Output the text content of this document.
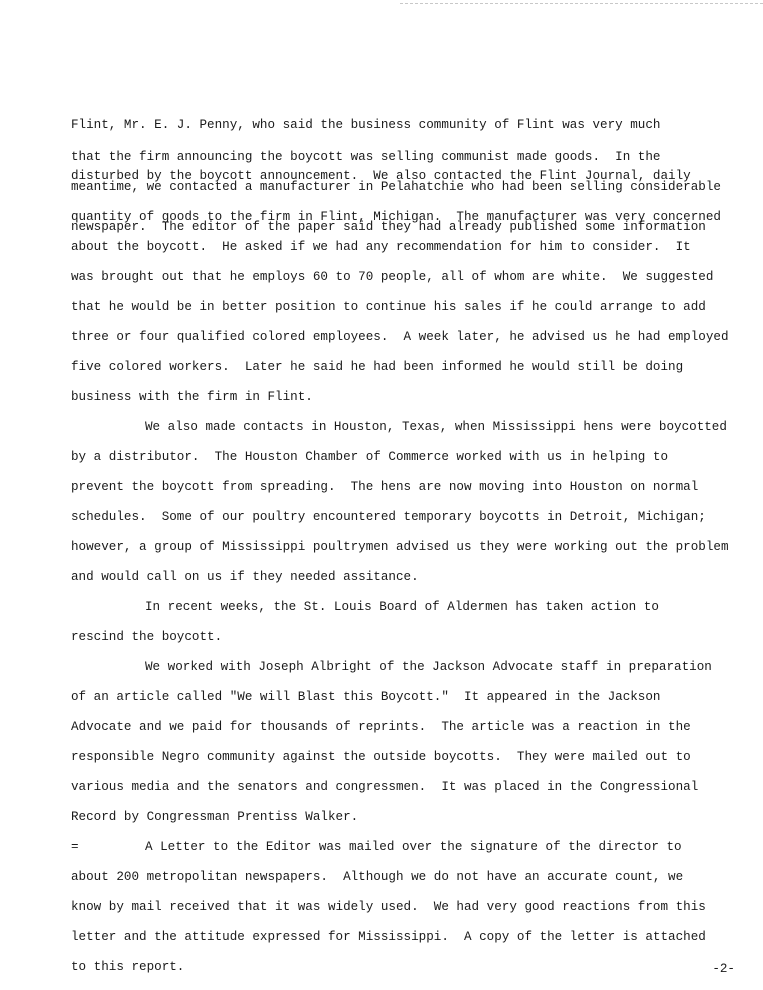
Flint, Mr. E. J. Penny, who said the business community of Flint was very much

disturbed by the boycott announcement.  We also contacted the Flint Journal, daily

newspaper.  The editor of the paper said they had already published some information

that the firm announcing the boycott was selling communist made goods.  In the
meantime, we contacted a manufacturer in Pelahatchie who had been selling considerable
quantity of goods to the firm in Flint, Michigan.  The manufacturer was very concerned
about the boycott.  He asked if we had any recommendation for him to consider.  It
was brought out that he employs 60 to 70 people, all of whom are white.  We suggested
that he would be in better position to continue his sales if he could arrange to add
three or four qualified colored employees.  A week later, he advised us he had employed
five colored workers.  Later he said he had been informed he would still be doing
business with the firm in Flint.
We also made contacts in Houston, Texas, when Mississippi hens were boycotted
by a distributor.  The Houston Chamber of Commerce worked with us in helping to
prevent the boycott from spreading.  The hens are now moving into Houston on normal
schedules.  Some of our poultry encountered temporary boycotts in Detroit, Michigan;
however, a group of Mississippi poultrymen advised us they were working out the problem
and would call on us if they needed assitance.
In recent weeks, the St. Louis Board of Aldermen has taken action to
rescind the boycott.
We worked with Joseph Albright of the Jackson Advocate staff in preparation
of an article called "We will Blast this Boycott."  It appeared in the Jackson
Advocate and we paid for thousands of reprints.  The article was a reaction in the
responsible Negro community against the outside boycotts.  They were mailed out to
various media and the senators and congressmen.  It was placed in the Congressional
Record by Congressman Prentiss Walker.
=	A Letter to the Editor was mailed over the signature of the director to
about 200 metropolitan newspapers.  Although we do not have an accurate count, we
know by mail received that it was widely used.  We had very good reactions from this
letter and the attitude expressed for Mississippi.  A copy of the letter is attached
to this report.	-2-
